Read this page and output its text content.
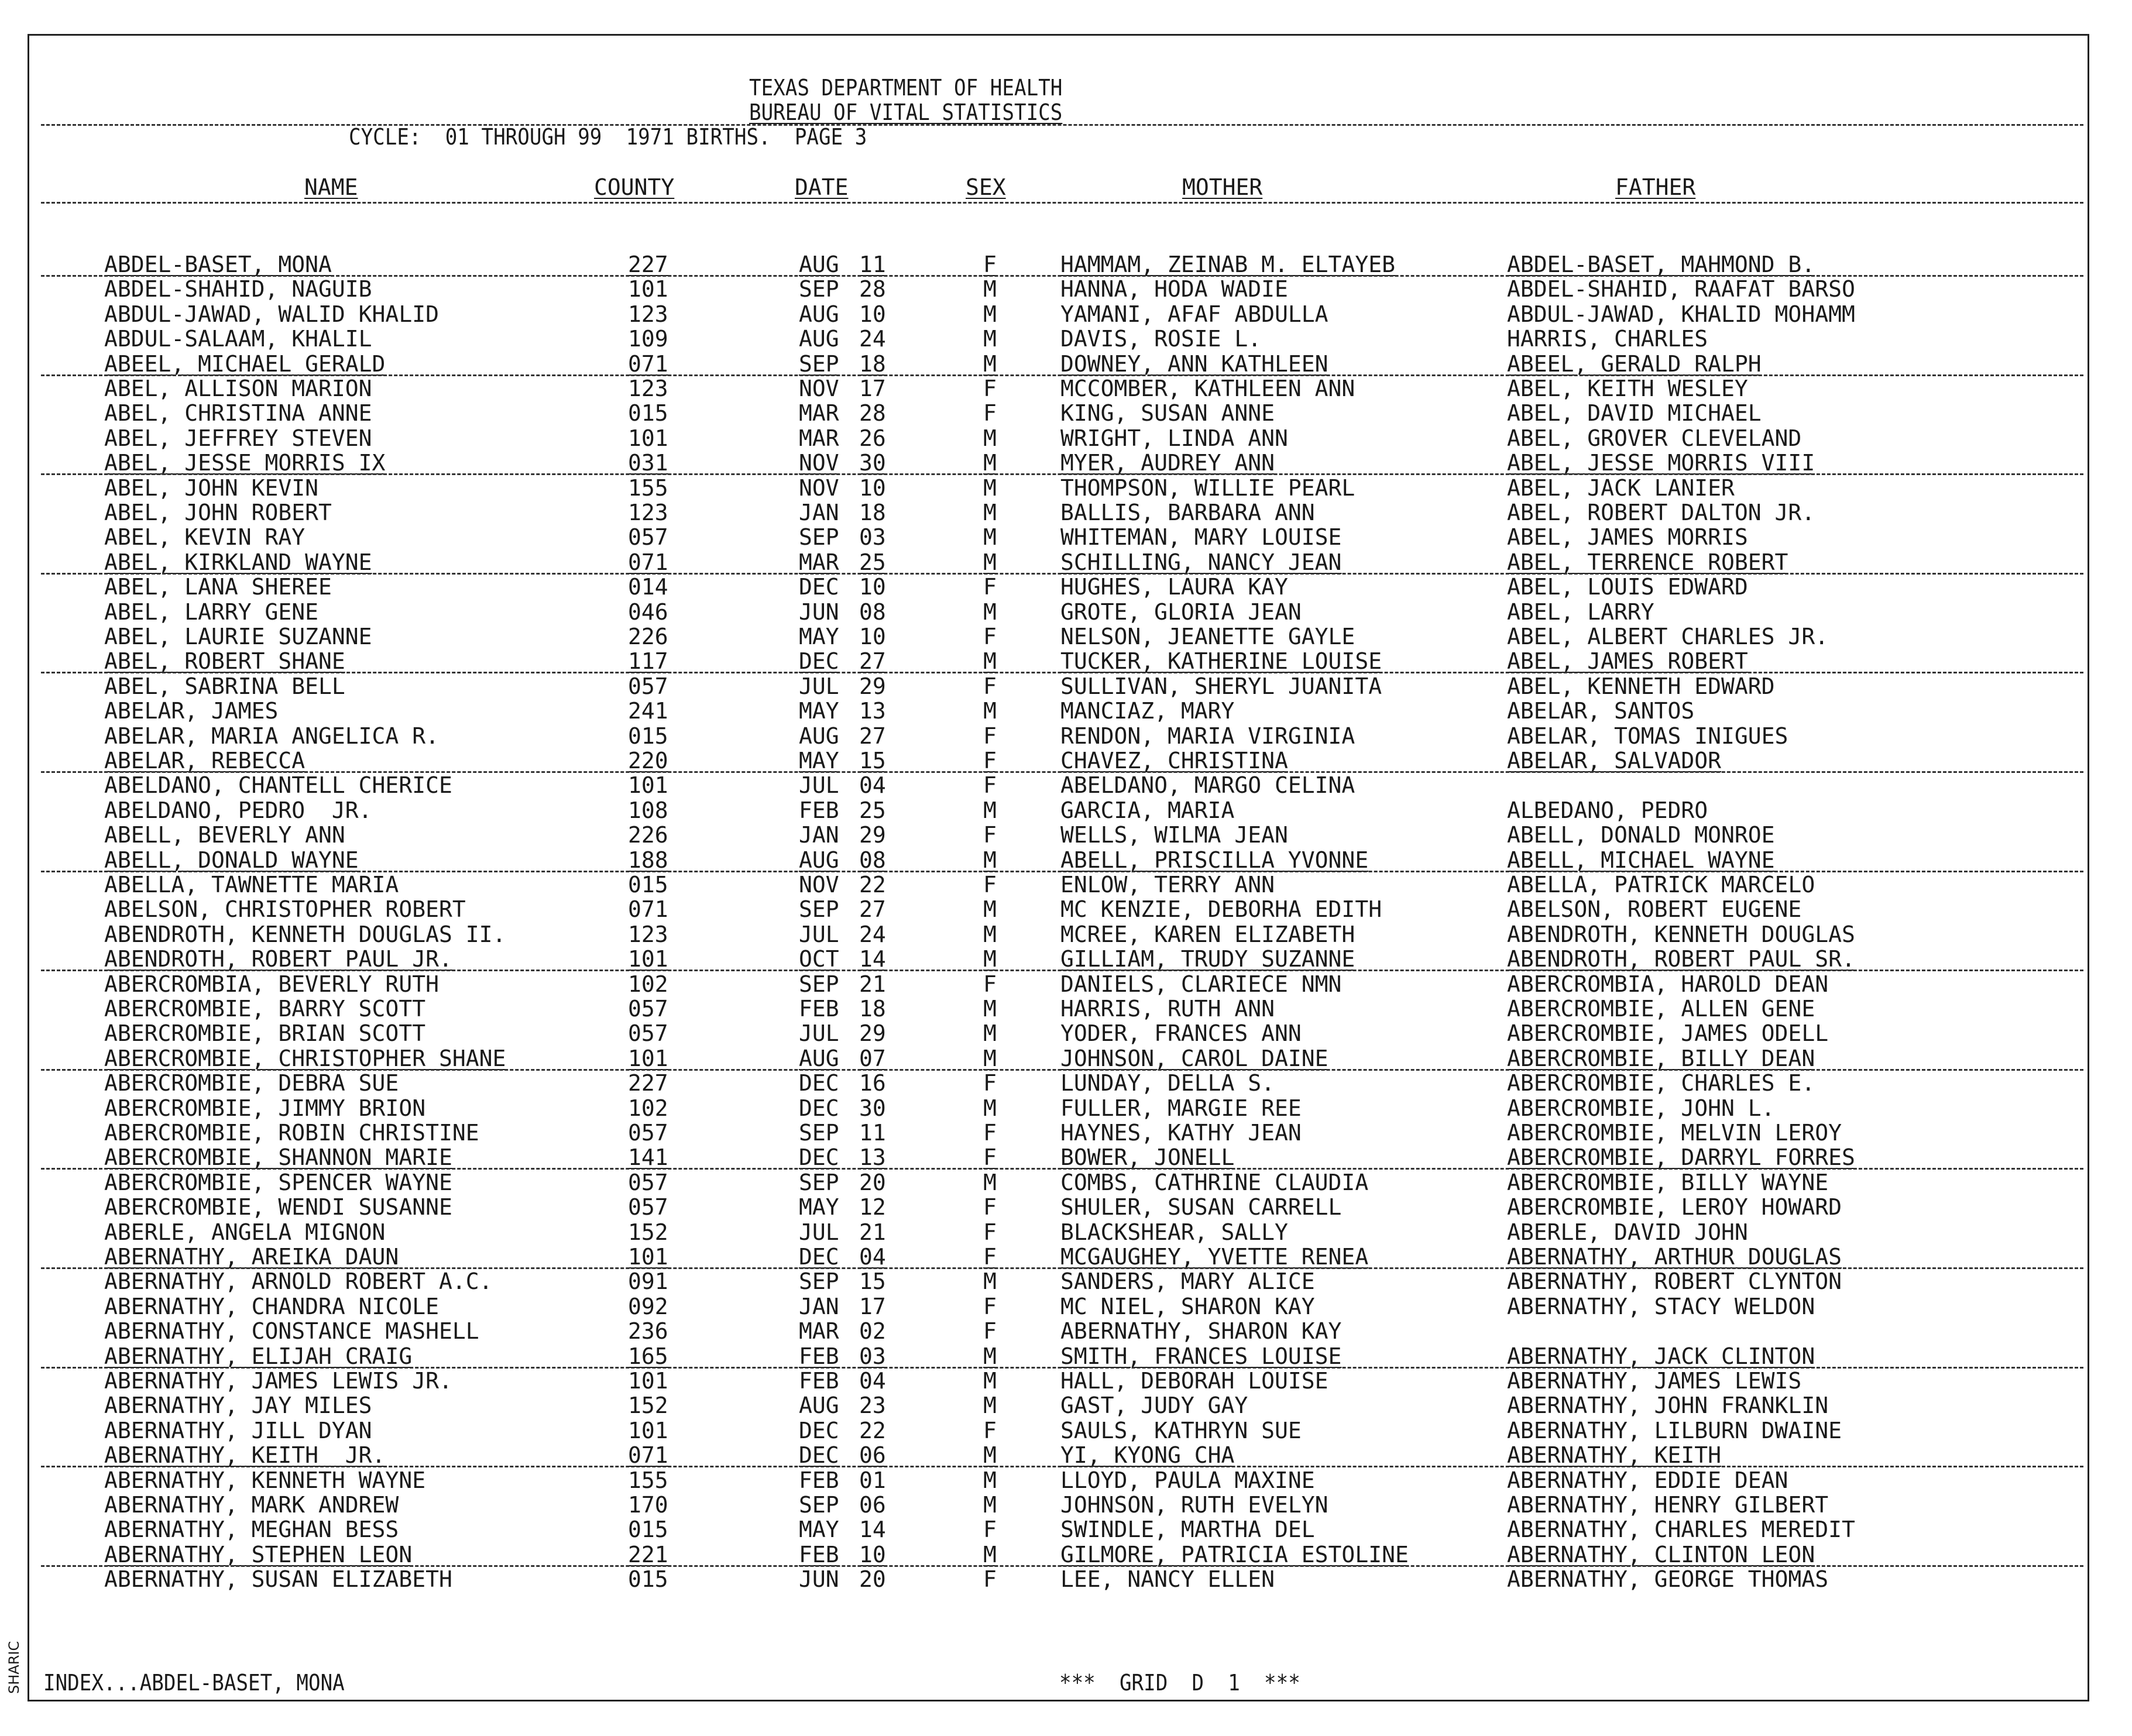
SHARIC
TEXAS DEPARTMENT OF HEALTH
BUREAU OF VITAL STATISTICS
CYCLE:  01 THROUGH 99  1971 BIRTHS.  PAGE 3
NAME	COUNTY	DATE	SEX	MOTHER	FATHER
ABDEL-BASET, MONA	227	AUG 11	F	HAMMAM, ZEINAB M. ELTAYEB	ABDEL-BASET, MAHMOND B.
ABDEL-SHAHID, NAGUIB	101	SEP 28	M	HANNA, HODA WADIE	ABDEL-SHAHID, RAAFAT BARSO
ABDUL-JAWAD, WALID KHALID	123	AUG 10	M	YAMANI, AFAF ABDULLA	ABDUL-JAWAD, KHALID MOHAMM
ABDUL-SALAAM, KHALIL	109	AUG 24	M	DAVIS, ROSIE L.	HARRIS, CHARLES
ABEEL, MICHAEL GERALD	071	SEP 18	M	DOWNEY, ANN KATHLEEN	ABEEL, GERALD RALPH
ABEL, ALLISON MARION	123	NOV 17	F	MCCOMBER, KATHLEEN ANN	ABEL, KEITH WESLEY
ABEL, CHRISTINA ANNE	015	MAR 28	F	KING, SUSAN ANNE	ABEL, DAVID MICHAEL
ABEL, JEFFREY STEVEN	101	MAR 26	M	WRIGHT, LINDA ANN	ABEL, GROVER CLEVELAND
ABEL, JESSE MORRIS IX	031	NOV 30	M	MYER, AUDREY ANN	ABEL, JESSE MORRIS VIII
ABEL, JOHN KEVIN	155	NOV 10	M	THOMPSON, WILLIE PEARL	ABEL, JACK LANIER
ABEL, JOHN ROBERT	123	JAN 18	M	BALLIS, BARBARA ANN	ABEL, ROBERT DALTON JR.
ABEL, KEVIN RAY	057	SEP 03	M	WHITEMAN, MARY LOUISE	ABEL, JAMES MORRIS
ABEL, KIRKLAND WAYNE	071	MAR 25	M	SCHILLING, NANCY JEAN	ABEL, TERRENCE ROBERT
ABEL, LANA SHEREE	014	DEC 10	F	HUGHES, LAURA KAY	ABEL, LOUIS EDWARD
ABEL, LARRY GENE	046	JUN 08	M	GROTE, GLORIA JEAN	ABEL, LARRY
ABEL, LAURIE SUZANNE	226	MAY 10	F	NELSON, JEANETTE GAYLE	ABEL, ALBERT CHARLES JR.
ABEL, ROBERT SHANE	117	DEC 27	M	TUCKER, KATHERINE LOUISE	ABEL, JAMES ROBERT
ABEL, SABRINA BELL	057	JUL 29	F	SULLIVAN, SHERYL JUANITA	ABEL, KENNETH EDWARD
ABELAR, JAMES	241	MAY 13	M	MANCIAZ, MARY	ABELAR, SANTOS
ABELAR, MARIA ANGELICA R.	015	AUG 27	F	RENDON, MARIA VIRGINIA	ABELAR, TOMAS INIGUES
ABELAR, REBECCA	220	MAY 15	F	CHAVEZ, CHRISTINA	ABELAR, SALVADOR
ABELDANO, CHANTELL CHERICE	101	JUL 04	F	ABELDANO, MARGO CELINA
ABELDANO, PEDRO  JR.	108	FEB 25	M	GARCIA, MARIA	ALBEDANO, PEDRO
ABELL, BEVERLY ANN	226	JAN 29	F	WELLS, WILMA JEAN	ABELL, DONALD MONROE
ABELL, DONALD WAYNE	188	AUG 08	M	ABELL, PRISCILLA YVONNE	ABELL, MICHAEL WAYNE
ABELLA, TAWNETTE MARIA	015	NOV 22	F	ENLOW, TERRY ANN	ABELLA, PATRICK MARCELO
ABELSON, CHRISTOPHER ROBERT	071	SEP 27	M	MC KENZIE, DEBORHA EDITH	ABELSON, ROBERT EUGENE
ABENDROTH, KENNETH DOUGLAS II.	123	JUL 24	M	MCREE, KAREN ELIZABETH	ABENDROTH, KENNETH DOUGLAS
ABENDROTH, ROBERT PAUL JR.	101	OCT 14	M	GILLIAM, TRUDY SUZANNE	ABENDROTH, ROBERT PAUL SR.
ABERCROMBIA, BEVERLY RUTH	102	SEP 21	F	DANIELS, CLARIECE NMN	ABERCROMBIA, HAROLD DEAN
ABERCROMBIE, BARRY SCOTT	057	FEB 18	M	HARRIS, RUTH ANN	ABERCROMBIE, ALLEN GENE
ABERCROMBIE, BRIAN SCOTT	057	JUL 29	M	YODER, FRANCES ANN	ABERCROMBIE, JAMES ODELL
ABERCROMBIE, CHRISTOPHER SHANE	101	AUG 07	M	JOHNSON, CAROL DAINE	ABERCROMBIE, BILLY DEAN
ABERCROMBIE, DEBRA SUE	227	DEC 16	F	LUNDAY, DELLA S.	ABERCROMBIE, CHARLES E.
ABERCROMBIE, JIMMY BRION	102	DEC 30	M	FULLER, MARGIE REE	ABERCROMBIE, JOHN L.
ABERCROMBIE, ROBIN CHRISTINE	057	SEP 11	F	HAYNES, KATHY JEAN	ABERCROMBIE, MELVIN LEROY
ABERCROMBIE, SHANNON MARIE	141	DEC 13	F	BOWER, JONELL	ABERCROMBIE, DARRYL FORRES
ABERCROMBIE, SPENCER WAYNE	057	SEP 20	M	COMBS, CATHRINE CLAUDIA	ABERCROMBIE, BILLY WAYNE
ABERCROMBIE, WENDI SUSANNE	057	MAY 12	F	SHULER, SUSAN CARRELL	ABERCROMBIE, LEROY HOWARD
ABERLE, ANGELA MIGNON	152	JUL 21	F	BLACKSHEAR, SALLY	ABERLE, DAVID JOHN
ABERNATHY, AREIKA DAUN	101	DEC 04	F	MCGAUGHEY, YVETTE RENEA	ABERNATHY, ARTHUR DOUGLAS
ABERNATHY, ARNOLD ROBERT A.C.	091	SEP 15	M	SANDERS, MARY ALICE	ABERNATHY, ROBERT CLYNTON
ABERNATHY, CHANDRA NICOLE	092	JAN 17	F	MC NIEL, SHARON KAY	ABERNATHY, STACY WELDON
ABERNATHY, CONSTANCE MASHELL	236	MAR 02	F	ABERNATHY, SHARON KAY
ABERNATHY, ELIJAH CRAIG	165	FEB 03	M	SMITH, FRANCES LOUISE	ABERNATHY, JACK CLINTON
ABERNATHY, JAMES LEWIS JR.	101	FEB 04	M	HALL, DEBORAH LOUISE	ABERNATHY, JAMES LEWIS
ABERNATHY, JAY MILES	152	AUG 23	M	GAST, JUDY GAY	ABERNATHY, JOHN FRANKLIN
ABERNATHY, JILL DYAN	101	DEC 22	F	SAULS, KATHRYN SUE	ABERNATHY, LILBURN DWAINE
ABERNATHY, KEITH  JR.	071	DEC 06	M	YI, KYONG CHA	ABERNATHY, KEITH
ABERNATHY, KENNETH WAYNE	155	FEB 01	M	LLOYD, PAULA MAXINE	ABERNATHY, EDDIE DEAN
ABERNATHY, MARK ANDREW	170	SEP 06	M	JOHNSON, RUTH EVELYN	ABERNATHY, HENRY GILBERT
ABERNATHY, MEGHAN BESS	015	MAY 14	F	SWINDLE, MARTHA DEL	ABERNATHY, CHARLES MEREDIT
ABERNATHY, STEPHEN LEON	221	FEB 10	M	GILMORE, PATRICIA ESTOLINE	ABERNATHY, CLINTON LEON
ABERNATHY, SUSAN ELIZABETH	015	JUN 20	F	LEE, NANCY ELLEN	ABERNATHY, GEORGE THOMAS
INDEX...ABDEL-BASET, MONA	***  GRID  D  1  ***
